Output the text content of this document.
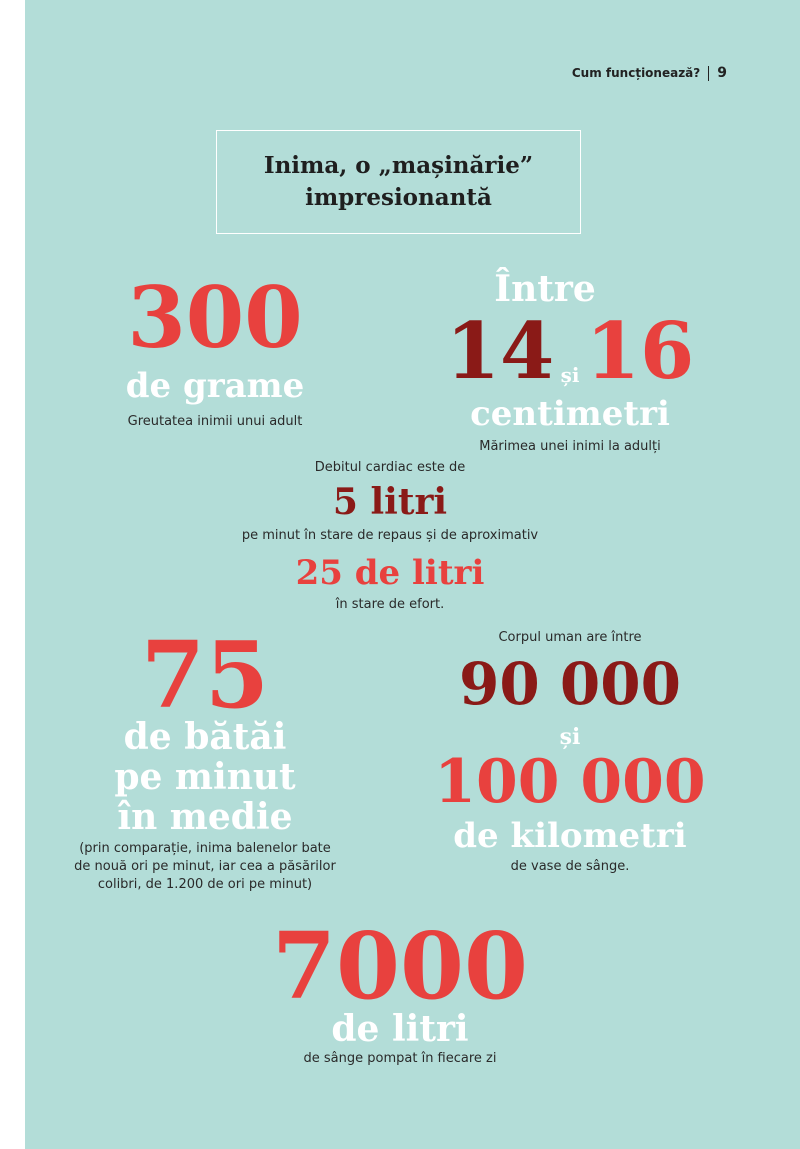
Cum funcționează? 9
Inima, o „mașinărie”
impresionantă
300
de grame
Greutatea inimii unui adult
Între
14 și 16
centimetri
Mărimea unei inimi la adulți
Debitul cardiac este de
5 litri
pe minut în stare de repaus și de aproximativ
25 de litri
în stare de efort.
75
de bătăi
pe minut
în medie
(prin comparație, inima balenelor bate
de nouă ori pe minut, iar cea a păsărilor
colibri, de 1.200 de ori pe minut)
Corpul uman are între
90 000
și
100 000
de kilometri
de vase de sânge.
7000
de litri
de sânge pompat în fiecare zi
